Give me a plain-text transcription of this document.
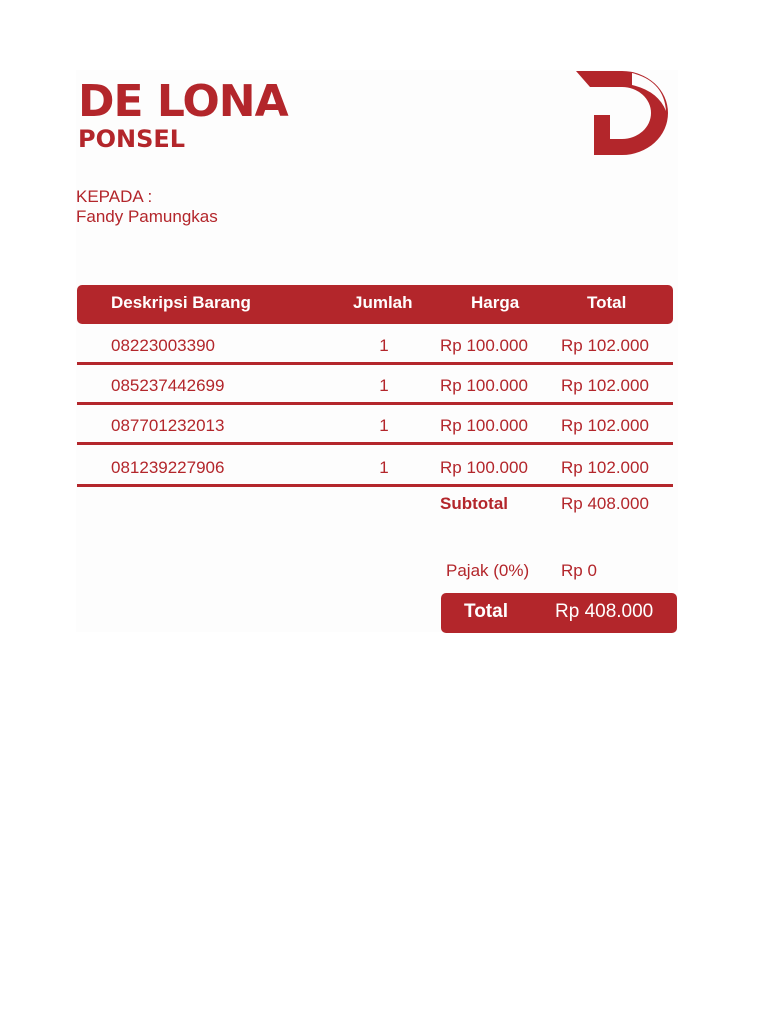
DE LONA
PONSEL
KEPADA :
Fandy Pamungkas
Deskripsi Barang	Jumlah	Harga	Total
08223003390	1	Rp 100.000 Rp 102.000
085237442699	1	Rp 100.000 Rp 102.000
087701232013	1	Rp 100.000 Rp 102.000
081239227906	1	Rp 100.000 Rp 102.000
Subtotal	Rp 408.000
Pajak (0%) Rp 0
Total Rp 408.000
